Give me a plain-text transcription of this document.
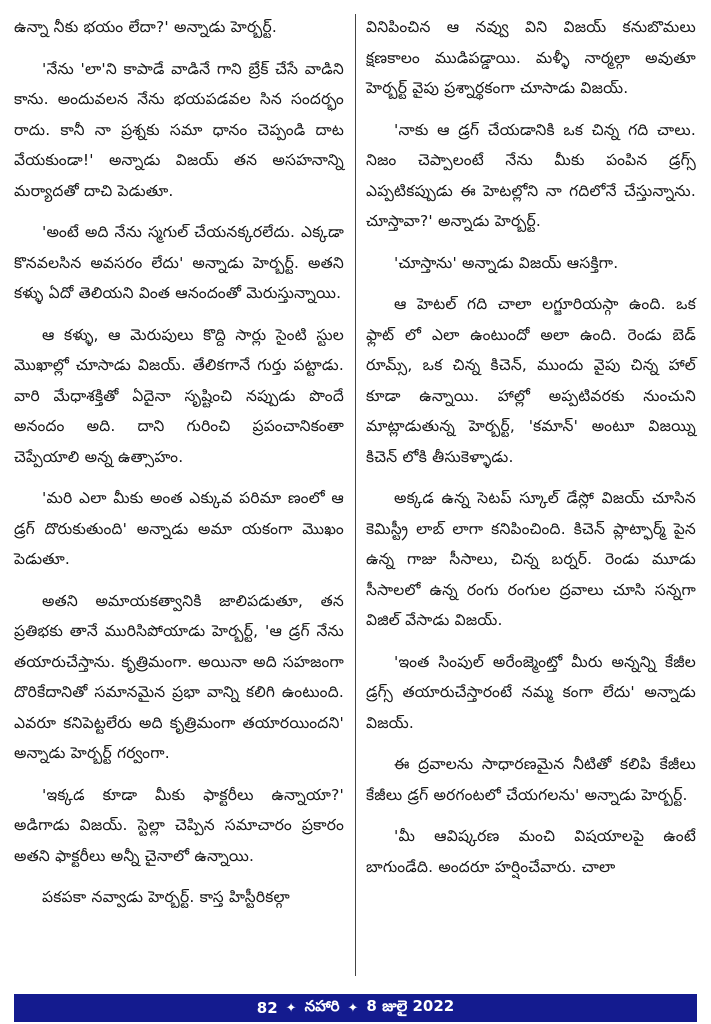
ఉన్నా నీకు భయం లేదా?' అన్నాడు హెర్బర్ట్.

'నేను 'లా'ని కాపాడే వాడినే గాని బ్రేక్ చేసే వాడిని కాను. అందువలన నేను భయపడవల సిన సందర్భం రాదు. కానీ నా ప్రశ్నకు సమా ధానం చెప్పండి దాట వేయకుండా!' అన్నాడు విజయ్ తన అసహనాన్ని మర్యాదతో దాచి పెడుతూ.

'అంటే అది నేను స్మగుల్ చేయనక్కరలేదు. ఎక్కడా కొనవలసిన అవసరం లేదు' అన్నాడు హెర్బర్ట్. అతని కళ్ళు ఏదో తెలియని వింత ఆనందంతో మెరుస్తున్నాయి.

ఆ కళ్ళు, ఆ మెరుపులు కొద్ది సార్లు సైంటి స్టుల మొఖాల్లో చూసాడు విజయ్. తేలికగానే గుర్తు పట్టాడు. వారి మేధాశక్తితో ఏదైనా సృష్టించి నప్పుడు పొందే అనందం అది. దాని గురించి ప్రపంచానికంతా చెప్పేయాలి అన్న ఉత్సాహం.

'మరి ఎలా మీకు అంత ఎక్కువ పరిమా ణంలో ఆ డ్రగ్ దొరుకుతుంది' అన్నాడు అమా యకంగా మొఖం పెడుతూ.

అతని అమాయకత్వానికి జాలిపడుతూ, తన ప్రతిభకు తానే మురిసిపోయాడు హెర్బర్ట్, 'ఆ డ్రగ్ నేను తయారుచేస్తాను. కృత్రిమంగా. అయినా అది సహజంగా దొరికేదానితో సమానమైన ప్రభా వాన్ని కలిగి ఉంటుంది. ఎవరూ కనిపెట్టలేరు అది కృత్రిమంగా తయారయిందని' అన్నాడు హెర్బర్ట్ గర్వంగా.

'ఇక్కడ కూడా మీకు ఫాక్టరీలు ఉన్నాయా?' అడిగాడు విజయ్. స్టెల్లా చెప్పిన సమాచారం ప్రకారం అతని ఫాక్టరీలు అన్నీ చైనాలో ఉన్నాయి.

పకపకా నవ్వాడు హెర్బర్ట్. కాస్త హిస్టీరికల్గా

వినిపించిన ఆ నవ్వు విని విజయ్ కనుబొమలు క్షణకాలం ముడిపడ్డాయి. మళ్ళీ నార్మల్గా అవుతూ హెర్బర్ట్ వైపు ప్రశ్నార్థకంగా చూసాడు విజయ్.

'నాకు ఆ డ్రగ్ చేయడానికి ఒక చిన్న గది చాలు. నిజం చెప్పాలంటే నేను మీకు పంపిన డ్రగ్స్ ఎప్పటికప్పుడు ఈ హెటల్లోని నా గదిలోనే చేస్తున్నాను. చూస్తావా?' అన్నాడు హెర్బర్ట్.

'చూస్తాను' అన్నాడు విజయ్ ఆసక్తిగా.

ఆ హెటల్ గది చాలా లగ్జూరియస్గా ఉంది. ఒక ఫ్లాట్ లో ఎలా ఉంటుందో అలా ఉంది. రెండు బెడ్ రూమ్స్, ఒక చిన్న కిచెన్, ముందు వైపు చిన్న హాల్ కూడా ఉన్నాయి. హాల్లో అప్పటివరకు నుంచుని మాట్లాడుతున్న హెర్బర్ట్, 'కమాన్' అంటూ విజయ్ని కిచెన్ లోకి తీసుకెళ్ళాడు.

అక్కడ ఉన్న సెటప్ స్కూల్ డేస్లో విజయ్ చూసిన కెమిస్ట్రీ లాబ్ లాగా కనిపించింది. కిచెన్ ప్లాట్ఫార్మ్ పైన ఉన్న గాజు సీసాలు, చిన్న బర్నర్. రెండు మూడు సీసాలలో ఉన్న రంగు రంగుల ద్రవాలు చూసి సన్నగా విజిల్ వేసాడు విజయ్.

'ఇంత సింపుల్ అరేంజ్మెంట్తో మీరు అన్నన్ని కేజీల డ్రగ్స్ తయారుచేస్తారంటే నమ్మ కంగా లేదు' అన్నాడు విజయ్.

ఈ ద్రవాలను సాధారణమైన నీటితో కలిపి కేజీలు కేజీలు డ్రగ్ అరగంటలో చేయగలను' అన్నాడు హెర్బర్ట్.

'మీ ఆవిష్కరణ మంచి విషయాలపై ఉంటే బాగుండేది. అందరూ హర్షించేవారు. చాలా

82 ✦ నహారి ✦ 8 జులై 2022
